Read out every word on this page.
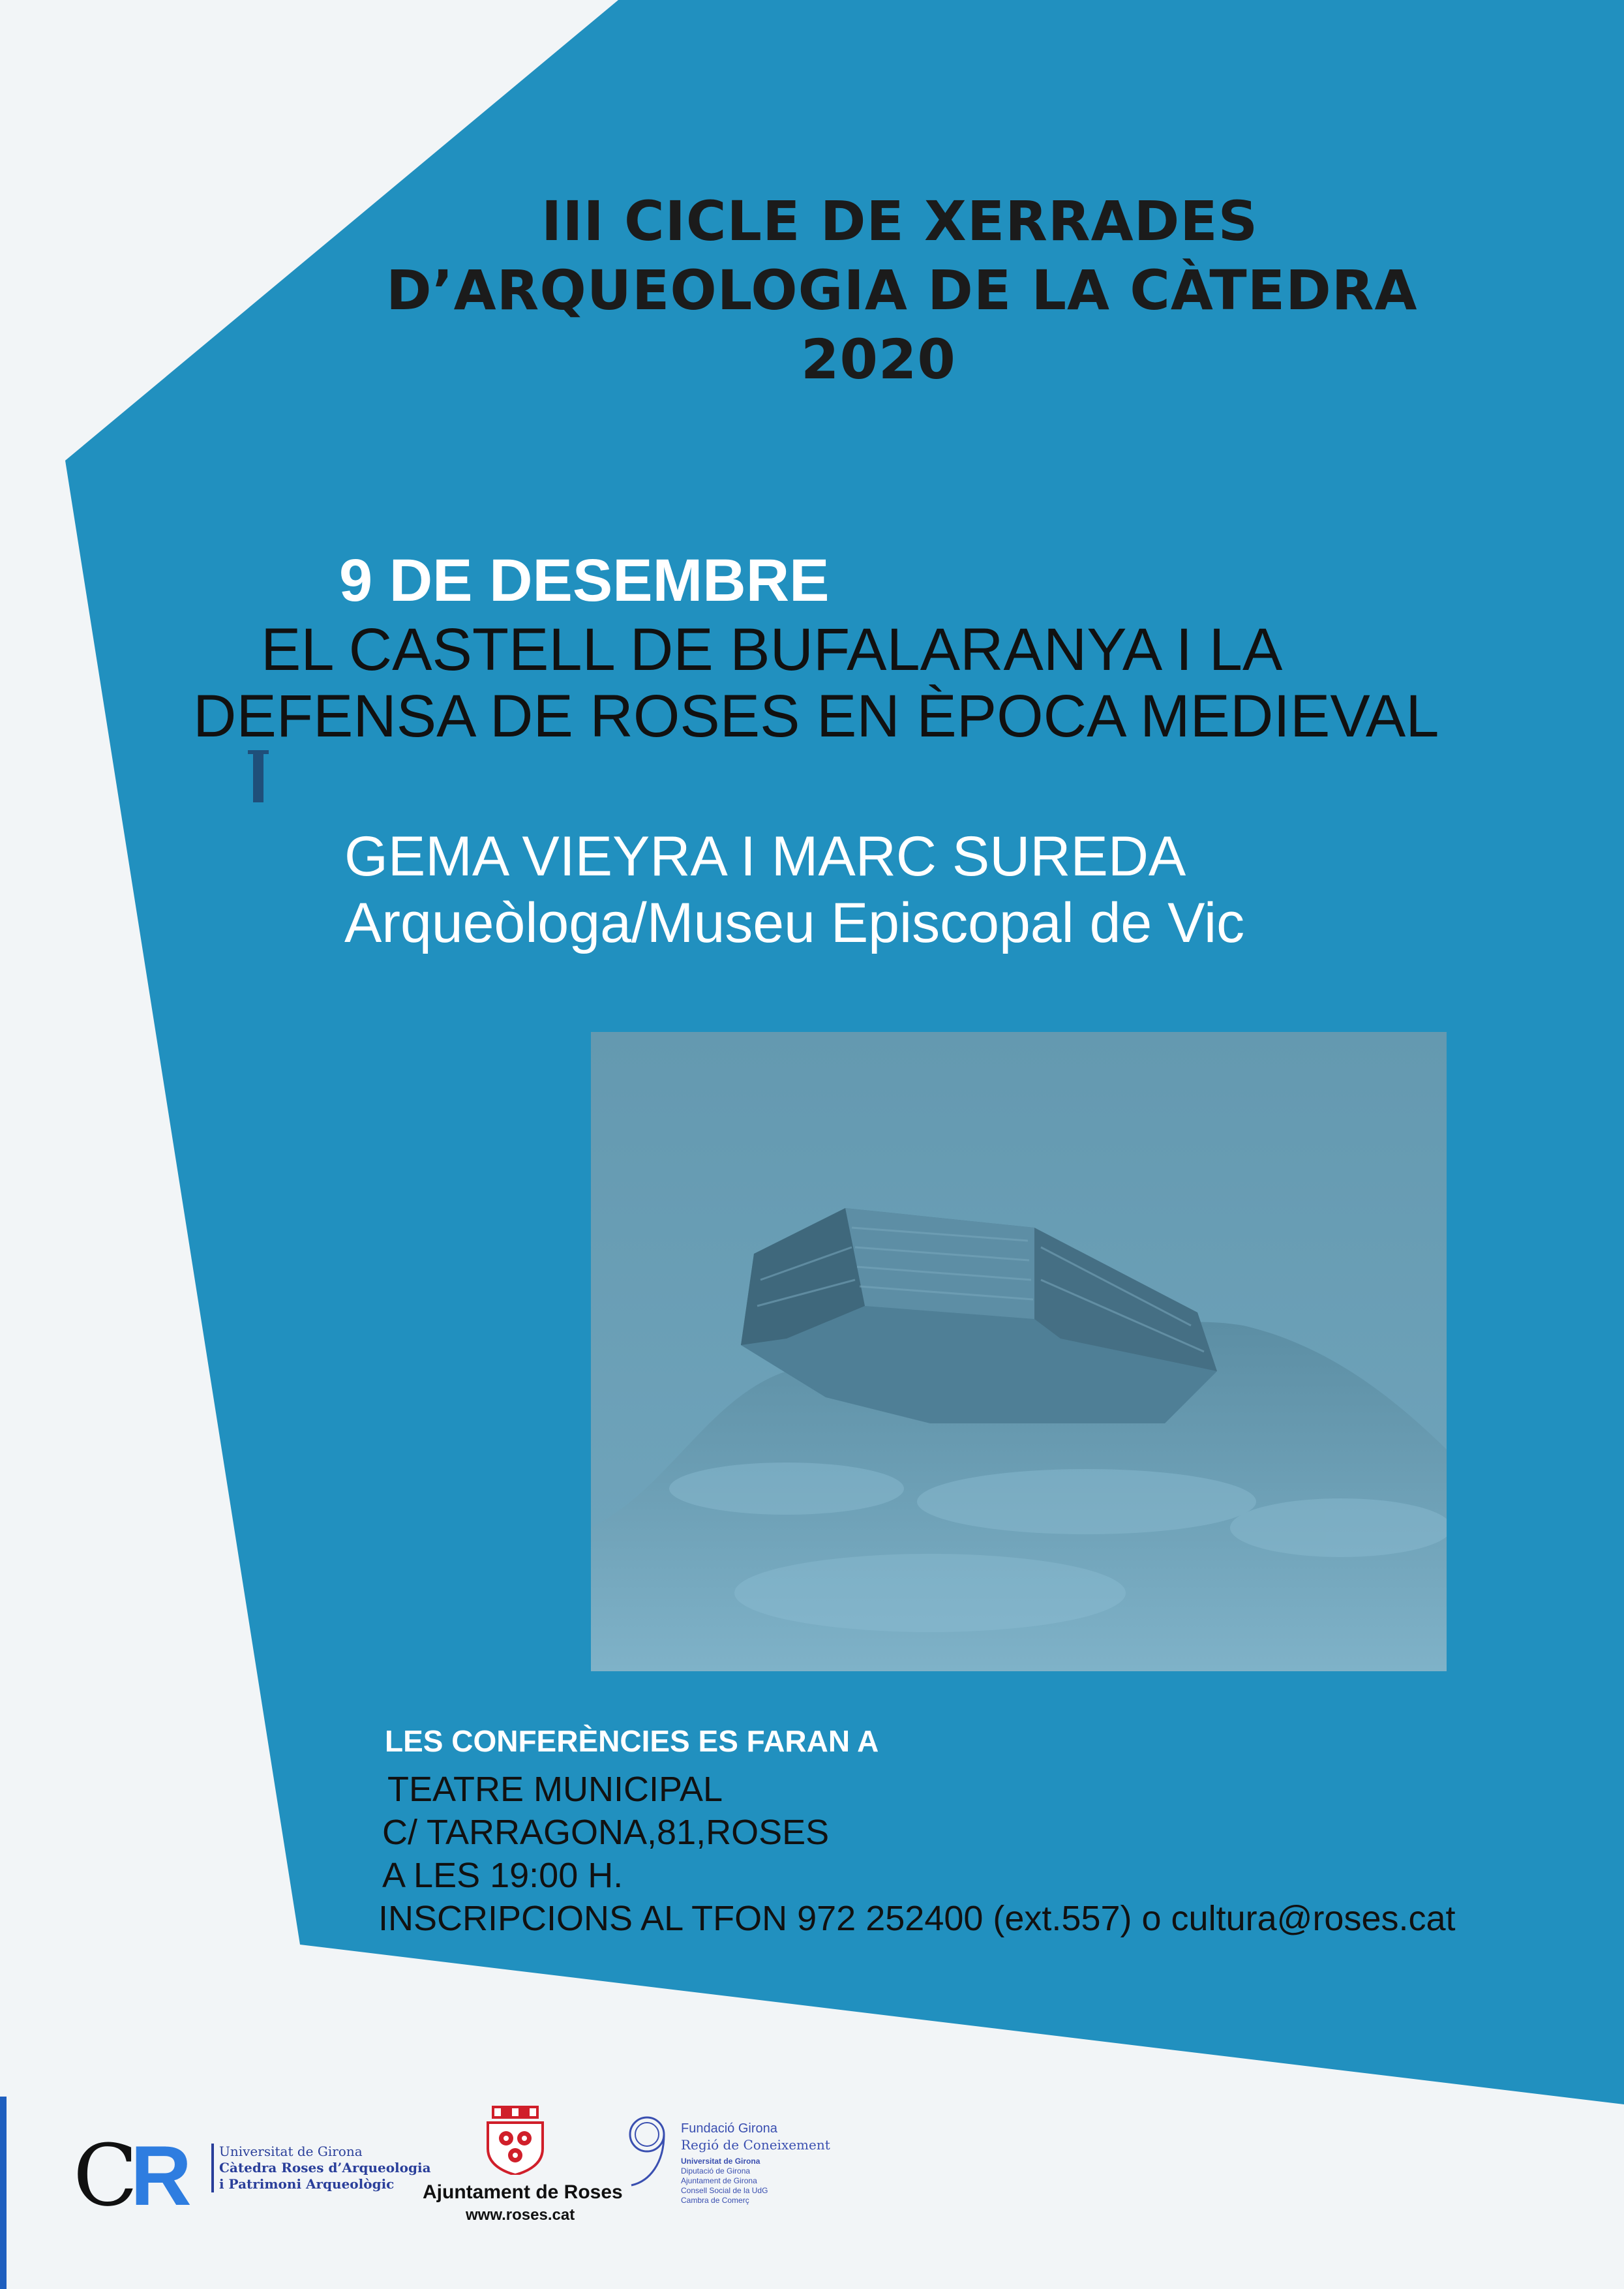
III CICLE DE XERRADES
D’ARQUEOLOGIA DE LA CÀTEDRA
2020
9 DE DESEMBRE
EL CASTELL DE BUFALARANYA I LA
DEFENSA DE ROSES EN ÈPOCA MEDIEVAL
GEMA VIEYRA I MARC SUREDA
Arqueòloga/Museu Episcopal de Vic
LES CONFERÈNCIES ES FARAN A
TEATRE MUNICIPAL
C/ TARRAGONA,81,ROSES
A LES 19:00 H.
INSCRIPCIONS AL TFON 972 252400 (ext.557) o cultura@roses.cat
C
R Universitat de Girona
Càtedra Roses d’Arqueologia
i Patrimoni Arqueològic	Ajuntament de Roses
www.roses.cat
Fundació Girona
Regió de Coneixement
Universitat de Girona
Diputació de Girona
Ajuntament de Girona
Consell Social de la UdG
Cambra de Comerç
